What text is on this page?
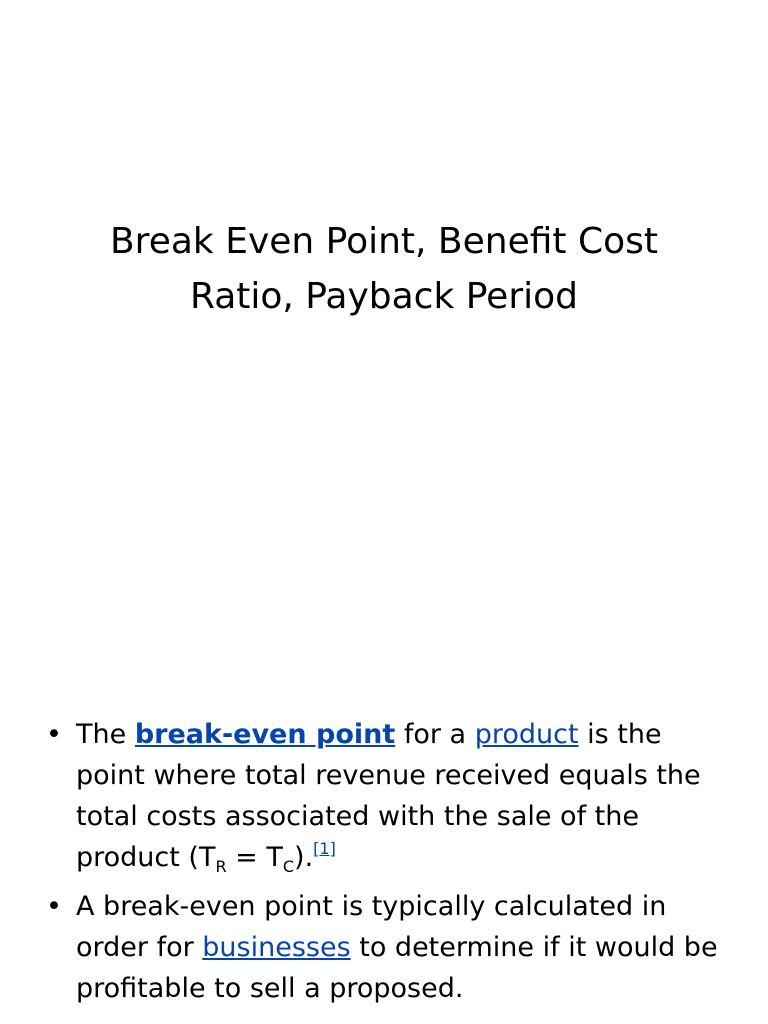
Break Even Point, Benefit Cost
Ratio, Payback Period
• The break-even point for a product is the point where total revenue received equals the total costs associated with the sale of the product $(T_R = T_C).[1]$
• A break-even point is typically calculated in order for businesses to determine if it would be profitable to sell a proposed.
